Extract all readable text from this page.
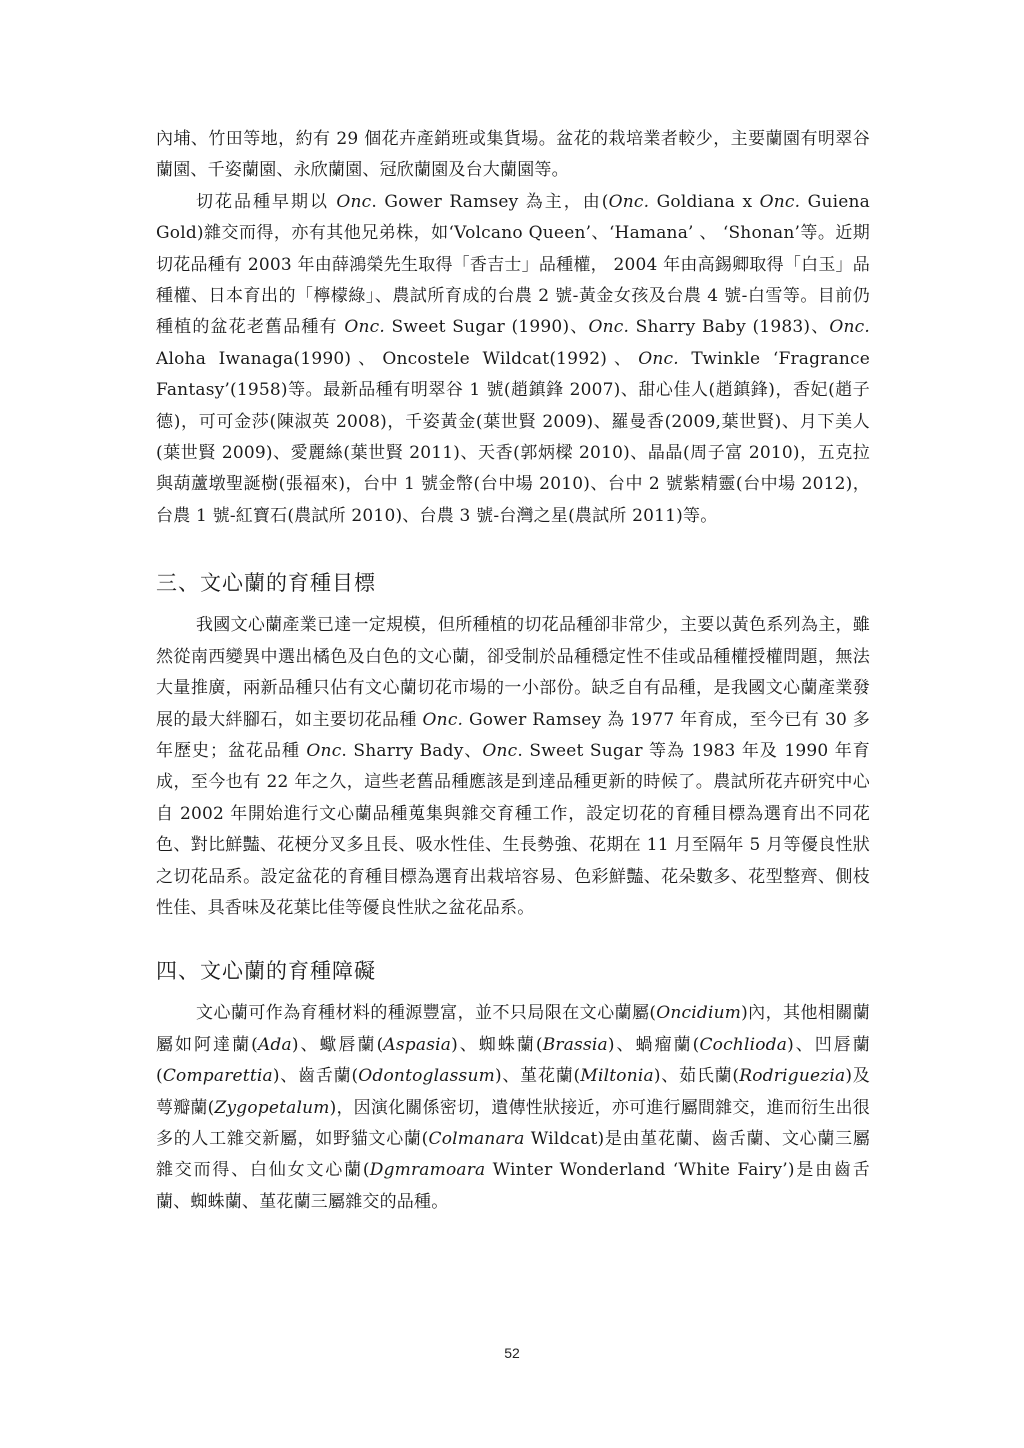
內埔、竹田等地，約有 29 個花卉產銷班或集貨場。盆花的栽培業者較少，主要蘭園有明翠谷蘭園、千姿蘭園、永欣蘭園、冠欣蘭園及台大蘭園等。

切花品種早期以 Onc. Gower Ramsey 為主，由(Onc. Goldiana x Onc. Guiena Gold)雜交而得，亦有其他兄弟株，如‘Volcano Queen’、‘Hamana’ 、 ‘Shonan’等。近期切花品種有 2003 年由薛鴻榮先生取得「香吉士」品種權， 2004 年由高錫卿取得「白玉」品種權、日本育出的「檸檬綠」、農試所育成的台農 2 號-黃金女孩及台農 4 號-白雪等。目前仍種植的盆花老舊品種有 Onc. Sweet Sugar (1990)、Onc. Sharry Baby (1983)、Onc. Aloha Iwanaga(1990)、Oncostele Wildcat(1992)、Onc. Twinkle ‘Fragrance Fantasy’(1958)等。最新品種有明翠谷 1 號(趙鎮鋒 2007)、甜心佳人(趙鎮鋒)，香妃(趙子德)，可可金莎(陳淑英 2008)，千姿黃金(葉世賢 2009)、羅曼香(2009,葉世賢)、月下美人(葉世賢 2009)、愛麗絲(葉世賢 2011)、天香(郭炳樑 2010)、晶晶(周子富 2010)，五克拉與葫蘆墩聖誕樹(張福來)，台中 1 號金幣(台中場 2010)、台中 2 號紫精靈(台中場 2012)，台農 1 號-紅寶石(農試所 2010)、台農 3 號-台灣之星(農試所 2011)等。

三、文心蘭的育種目標

我國文心蘭產業已達一定規模，但所種植的切花品種卻非常少，主要以黃色系列為主，雖然從南西變異中選出橘色及白色的文心蘭，卻受制於品種穩定性不佳或品種權授權問題，無法大量推廣，兩新品種只佔有文心蘭切花市場的一小部份。缺乏自有品種，是我國文心蘭產業發展的最大絆腳石，如主要切花品種 Onc. Gower Ramsey 為 1977 年育成，至今已有 30 多年歷史；盆花品種 Onc. Sharry Bady、Onc. Sweet Sugar 等為 1983 年及 1990 年育成，至今也有 22 年之久，這些老舊品種應該是到達品種更新的時候了。農試所花卉研究中心自 2002 年開始進行文心蘭品種蒐集與雜交育種工作，設定切花的育種目標為選育出不同花色、對比鮮豔、花梗分叉多且長、吸水性佳、生長勢強、花期在 11 月至隔年 5 月等優良性狀之切花品系。設定盆花的育種目標為選育出栽培容易、色彩鮮豔、花朵數多、花型整齊、側枝性佳、具香味及花葉比佳等優良性狀之盆花品系。

四、文心蘭的育種障礙

文心蘭可作為育種材料的種源豐富，並不只局限在文心蘭屬(Oncidium)內，其他相關蘭屬如阿達蘭(Ada)、蠍唇蘭(Aspasia)、蜘蛛蘭(Brassia)、蝸瘤蘭(Cochlioda)、凹唇蘭(Comparettia)、齒舌蘭(Odontoglassum)、堇花蘭(Miltonia)、茹氏蘭(Rodriguezia)及萼瓣蘭(Zygopetalum)，因演化關係密切，遺傳性狀接近，亦可進行屬間雜交，進而衍生出很多的人工雜交新屬，如野貓文心蘭(Colmanara Wildcat)是由堇花蘭、齒舌蘭、文心蘭三屬雜交而得、白仙女文心蘭(Dgmramoara Winter Wonderland ‘White Fairy’)是由齒舌蘭、蜘蛛蘭、堇花蘭三屬雜交的品種。

52
